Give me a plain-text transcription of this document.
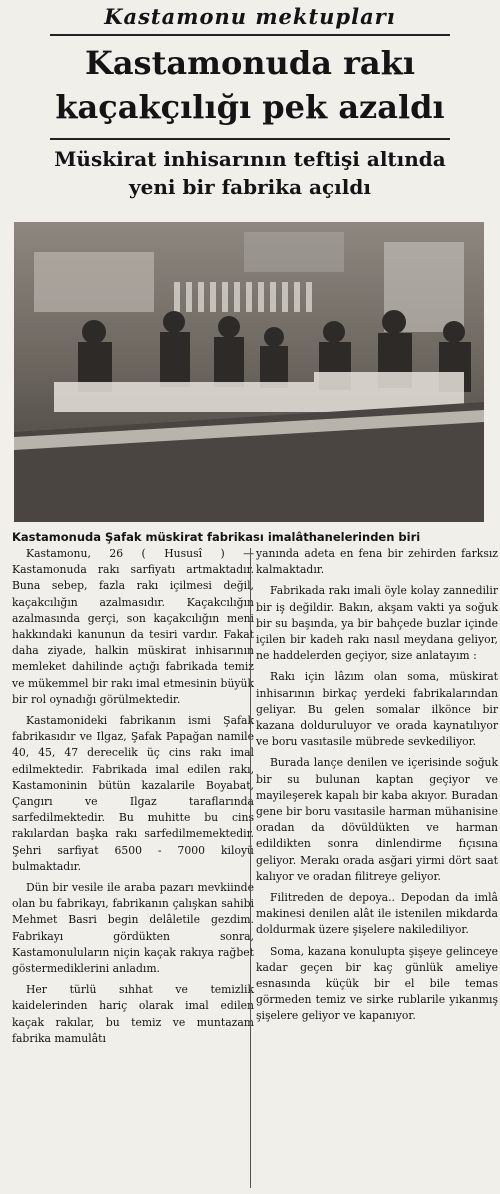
Kastamonu mektupları
Kastamonuda rakı
kaçakçılığı pek azaldı
Müskirat inhisarının teftişi altında
yeni bir fabrika açıldı
Kastamonuda Şafak müskirat fabrikası imalâthanelerinden biri

Kastamonu, 26 ( Hususî ) — Kastamonuda rakı sarfiyatı artmaktadır. Buna sebep, fazla rakı içilmesi değil, kaçakcılığın azalmasıdır. Kaçakcılığın azalmasında gerçi, son kaçakcılığın meni hakkındaki kanunun da tesiri vardır. Fakat daha ziyade, halkin müskirat inhisarının memleket dahilinde açtığı fabrikada temiz ve mükemmel bir rakı imal etmesinin büyük bir rol oynadığı görülmektedir.

Kastamonideki fabrikanın ismi Şafak fabrikasıdır ve Ilgaz, Şafak Papağan namile 40, 45, 47 derecelik üç cins rakı imal edilmektedir. Fabrikada imal edilen rakı, Kastamoninin bütün kazalarile Boyabat, Çangırı ve Ilgaz taraflarında sarfedilmektedir. Bu muhitte bu cins rakılardan başka rakı sarfedilmemektedir. Şehri sarfiyat 6500 - 7000 kiloyü bulmaktadır.

Dün bir vesile ile araba pazarı mevkiinde olan bu fabrikayı, fabrikanın çalışkan sahibi Mehmet Basri begin delâletile gezdim. Fabrikayı gördükten sonra, Kastamonuluların niçin kaçak rakıya rağbet göstermediklerini anladım.

Her türlü sıhhat ve temizlik kaidelerinden hariç olarak imal edilen kaçak rakılar, bu temiz ve muntazam fabrika mamulâtı

yanında adeta en fena bir zehirden farksız kalmaktadır.

Fabrikada rakı imali öyle kolay zannedilir bir iş değildir. Bakın, akşam vakti ya soğuk bir su başında, ya bir bahçede buzlar içinde içilen bir kadeh rakı nasıl meydana geliyor, ne haddelerden geçiyor, size anlatayım :

Rakı için lâzım olan soma, müskirat inhisarının birkaç yerdeki fabrikalarından geliyar. Bu gelen somalar ilkönce bir kazana dolduruluyor ve orada kaynatılıyor ve boru vasıtasile mübrede sevkediliyor.

Burada lançe denilen ve içerisinde soğuk bir su bulunan kaptan geçiyor ve mayileşerek kapalı bir kaba akıyor. Buradan gene bir boru vasıtasile harman mühanisine oradan da dövüldükten ve harman edildikten sonra dinlendirme fıçısına geliyor. Merakı orada asğari yirmi dört saat kalıyor ve oradan filitreye geliyor.

Filitreden de depoya.. Depodan da imlâ makinesi denilen alât ile istenilen mikdarda doldurmak üzere şişelere nakilediliyor.

Soma, kazana konulupta şişeye gelinceye kadar geçen bir kaç günlük ameliye esnasında küçük bir el bile temas görmeden temiz ve sirke rublarile yıkanmış şişelere geliyor ve kapanıyor.
